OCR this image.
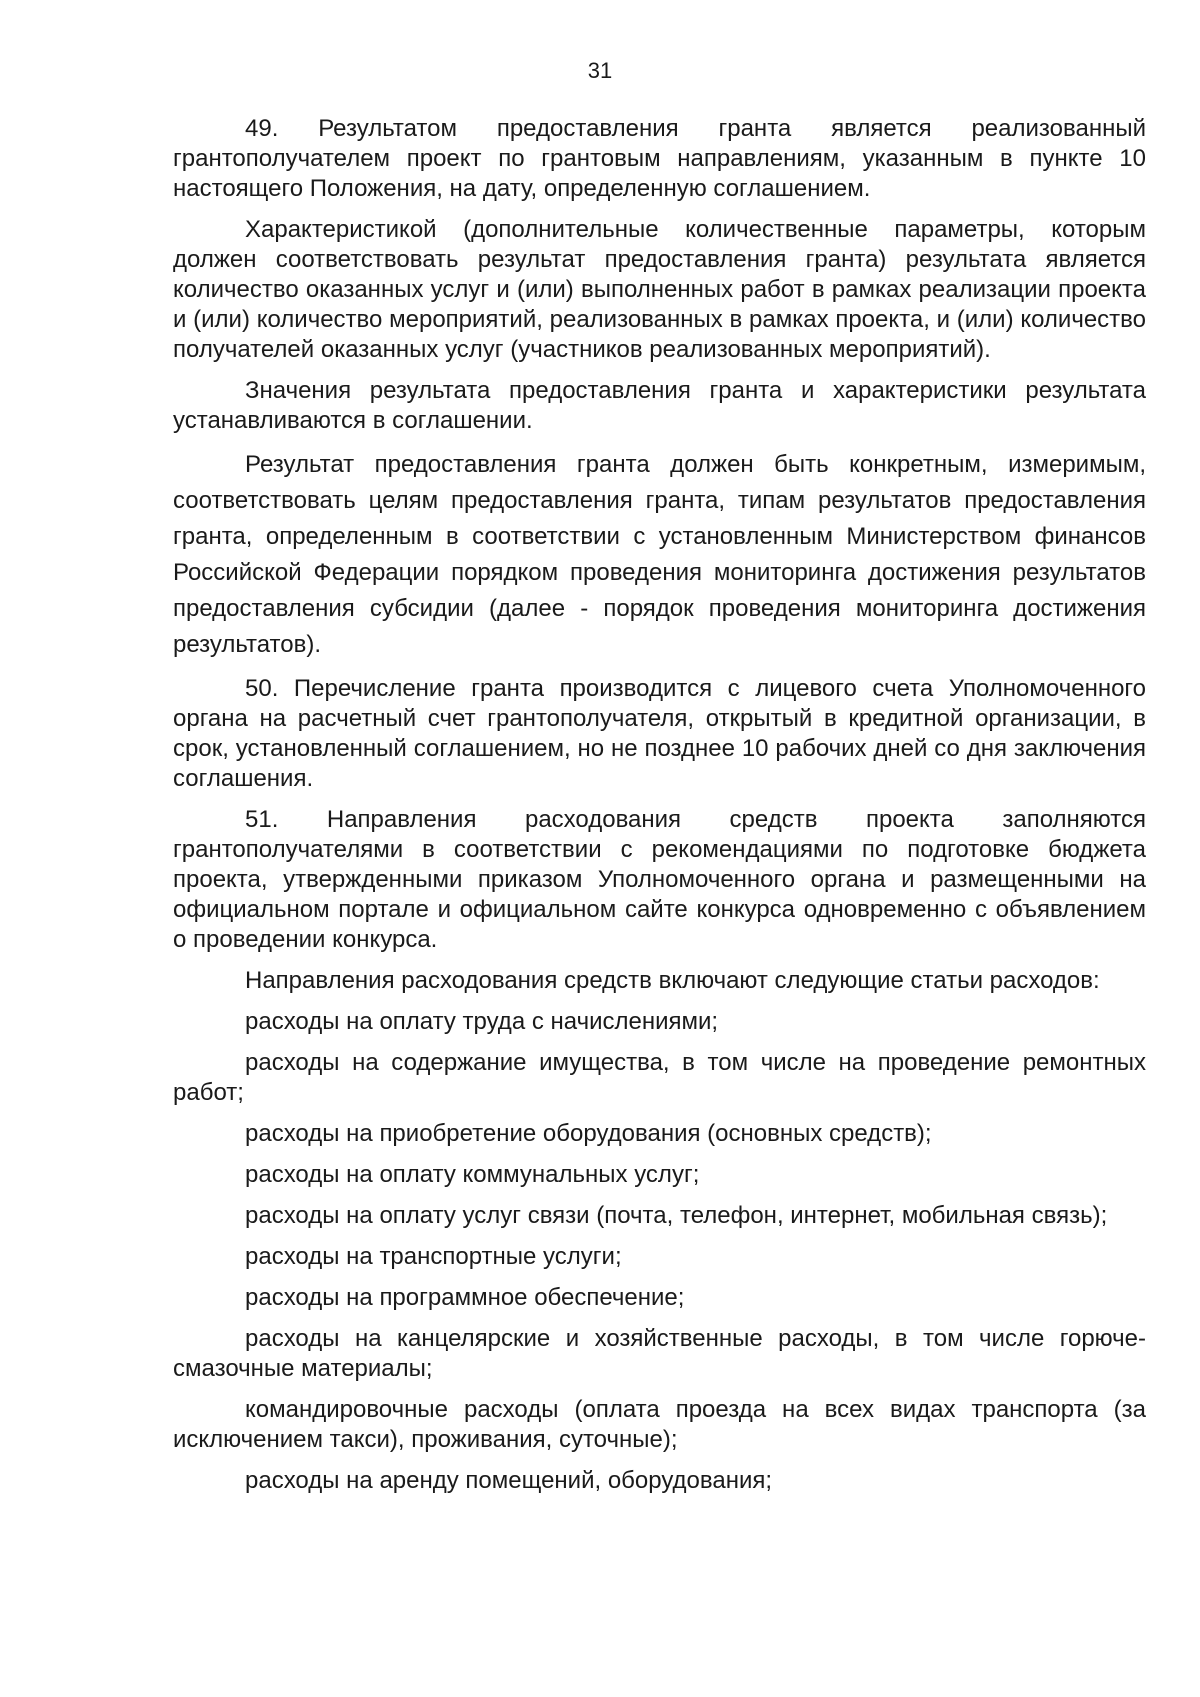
31

49. Результатом предоставления гранта является реализованный грантополучателем проект по грантовым направлениям, указанным в пункте 10 настоящего Положения, на дату, определенную соглашением.

Характеристикой (дополнительные количественные параметры, которым должен соответствовать результат предоставления гранта) результата является количество оказанных услуг и (или) выполненных работ в рамках реализации проекта и (или) количество мероприятий, реализованных в рамках проекта, и (или) количество получателей оказанных услуг (участников реализованных мероприятий).

Значения результата предоставления гранта и характеристики результата устанавливаются в соглашении.

Результат предоставления гранта должен быть конкретным, измеримым, соответствовать целям предоставления гранта, типам результатов предоставления гранта, определенным в соответствии с установленным Министерством финансов Российской Федерации порядком проведения мониторинга достижения результатов предоставления субсидии (далее - порядок проведения мониторинга достижения результатов).

50. Перечисление гранта производится с лицевого счета Уполномоченного органа на расчетный счет грантополучателя, открытый в кредитной организации, в срок, установленный соглашением, но не позднее 10 рабочих дней со дня заключения соглашения.

51. Направления расходования средств проекта заполняются грантополучателями в соответствии с рекомендациями по подготовке бюджета проекта, утвержденными приказом Уполномоченного органа и размещенными на официальном портале и официальном сайте конкурса одновременно с объявлением о проведении конкурса.

Направления расходования средств включают следующие статьи расходов:

расходы на оплату труда с начислениями;

расходы на содержание имущества, в том числе на проведение ремонтных работ;

расходы на приобретение оборудования (основных средств);

расходы на оплату коммунальных услуг;

расходы на оплату услуг связи (почта, телефон, интернет, мобильная связь);

расходы на транспортные услуги;

расходы на программное обеспечение;

расходы на канцелярские и хозяйственные расходы, в том числе горюче-смазочные материалы;

командировочные расходы (оплата проезда на всех видах транспорта (за исключением такси), проживания, суточные);

расходы на аренду помещений, оборудования;
